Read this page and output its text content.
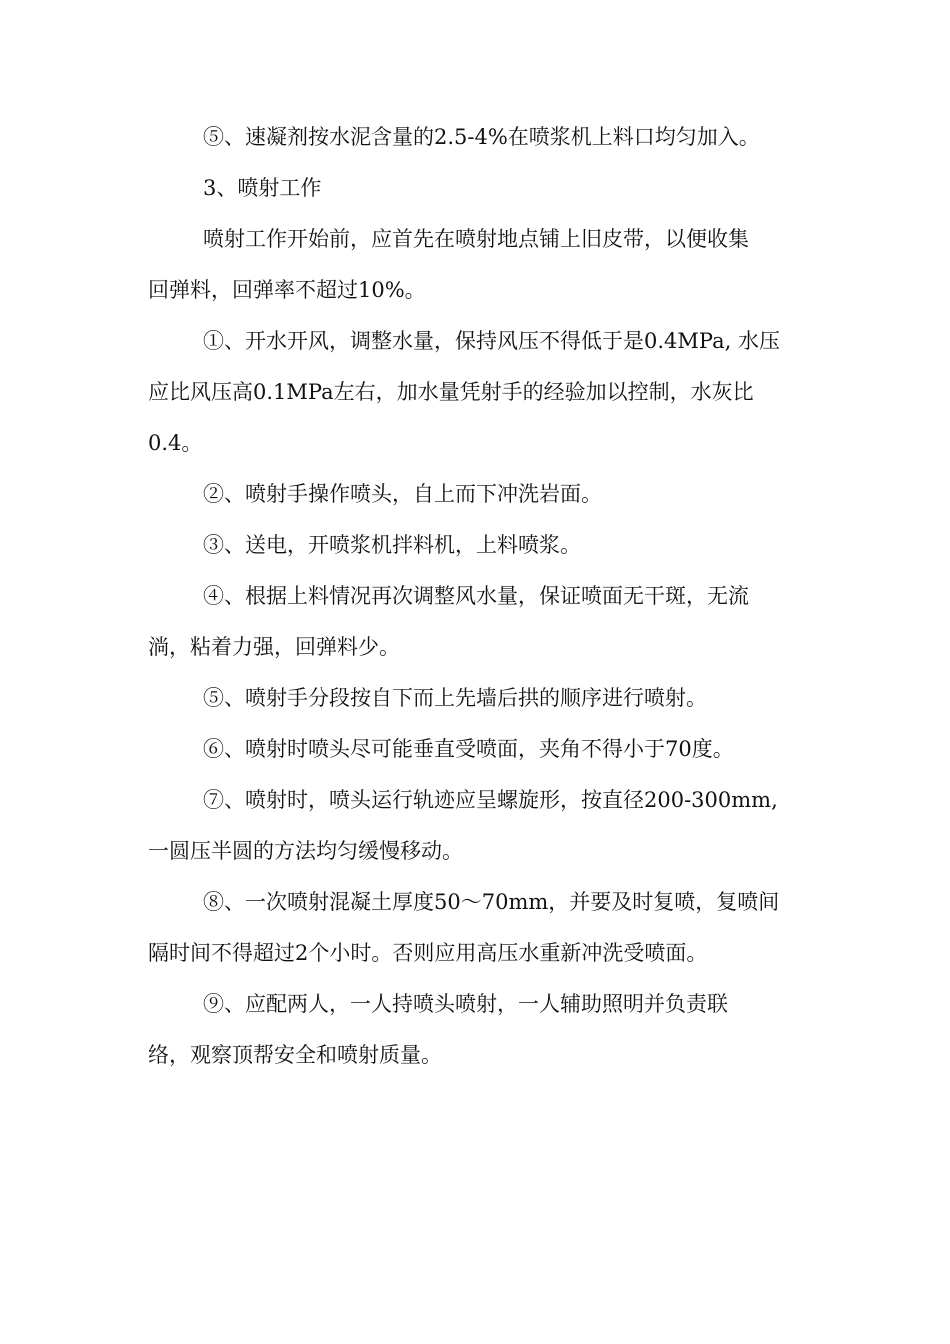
⑤、速凝剂按水泥含量的2.5-4%在喷浆机上料口均匀加入。

3、喷射工作

喷射工作开始前，应首先在喷射地点铺上旧皮带，以便收集

回弹料，回弹率不超过10%。

①、开水开风，调整水量，保持风压不得低于是0.4MPa, 水压

应比风压高0.1MPa左右，加水量凭射手的经验加以控制，水灰比

0.4。

②、喷射手操作喷头，自上而下冲洗岩面。

③、送电，开喷浆机拌料机，上料喷浆。

④、根据上料情况再次调整风水量，保证喷面无干斑，无流

淌，粘着力强，回弹料少。

⑤、喷射手分段按自下而上先墙后拱的顺序进行喷射。

⑥、喷射时喷头尽可能垂直受喷面，夹角不得小于70度。

⑦、喷射时，喷头运行轨迹应呈螺旋形，按直径200-300mm,

一圆压半圆的方法均匀缓慢移动。

⑧、一次喷射混凝土厚度50～70mm，并要及时复喷，复喷间

隔时间不得超过2个小时。否则应用高压水重新冲洗受喷面。

⑨、应配两人，一人持喷头喷射，一人辅助照明并负责联

络，观察顶帮安全和喷射质量。
